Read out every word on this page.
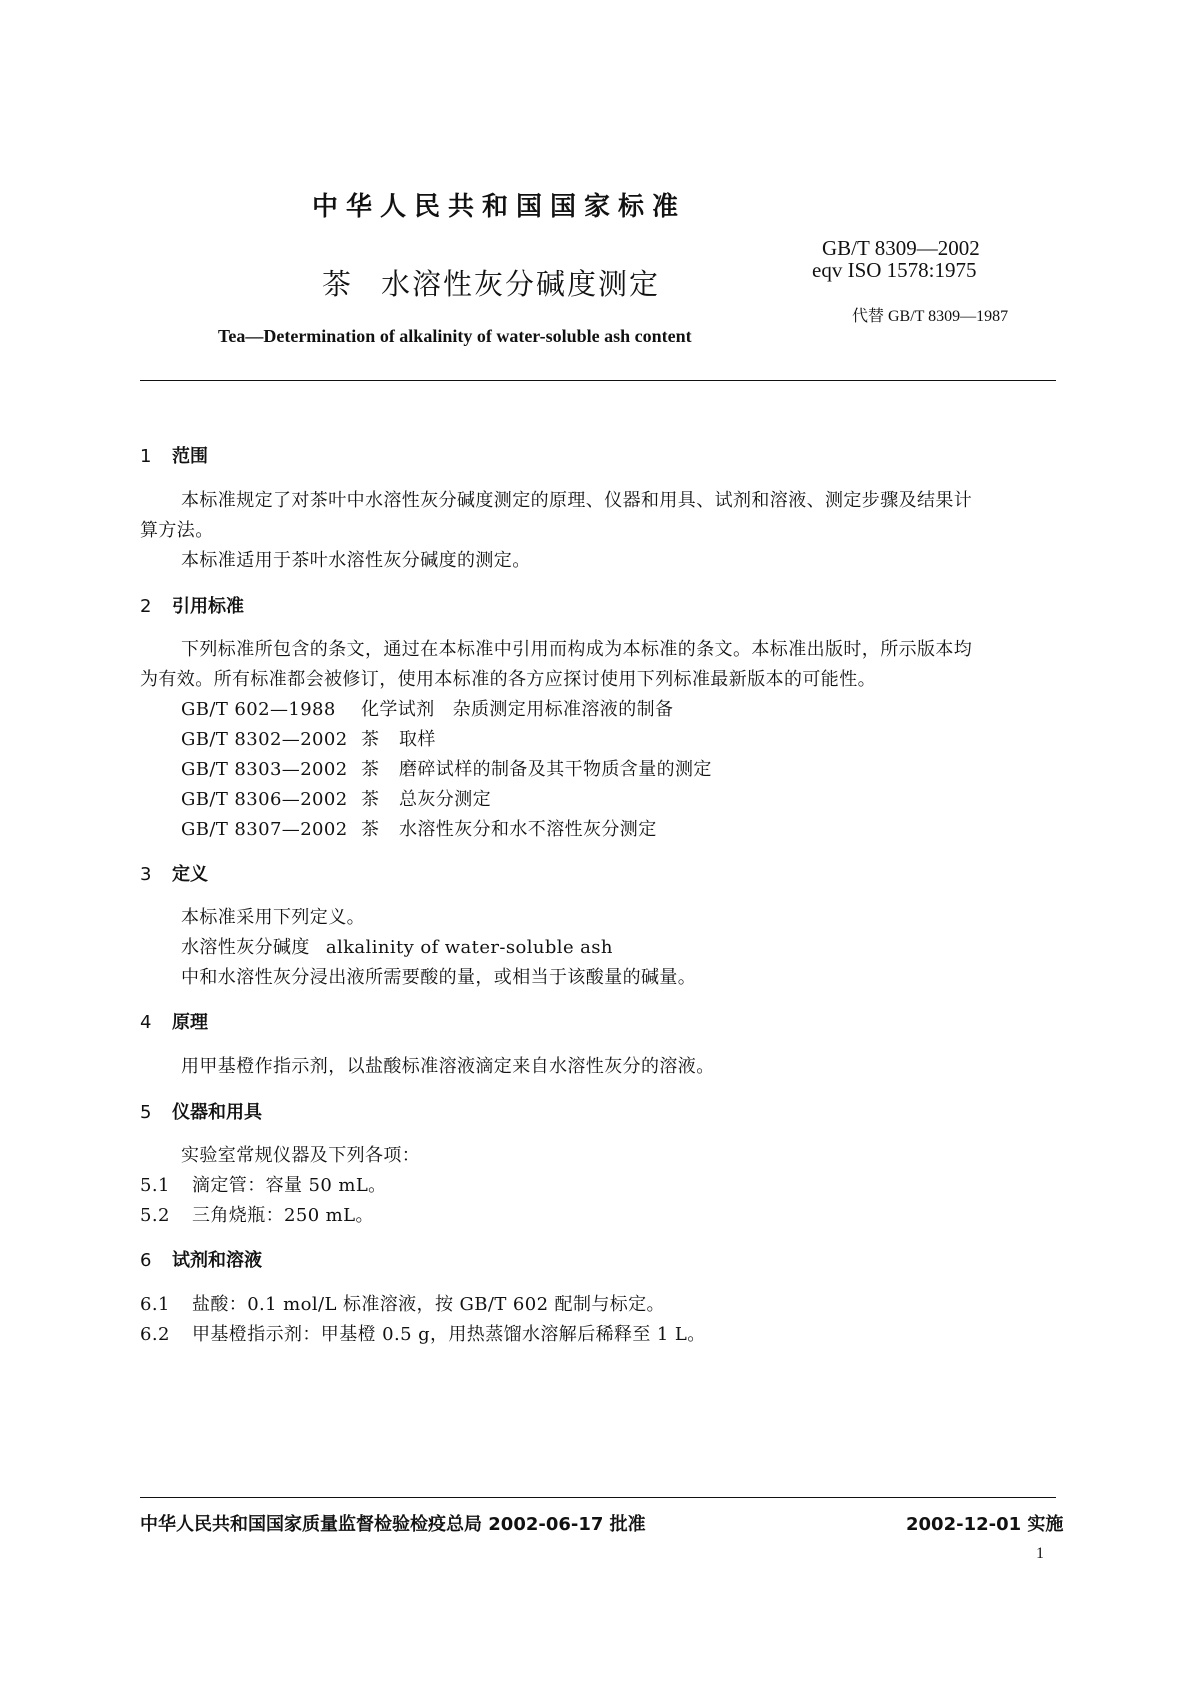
中华人民共和国国家标准
GB/T 8309—2002
eqv ISO 1578:1975
茶 水溶性灰分碱度测定
代替 GB/T 8309—1987
Tea—Determination of alkalinity of water-soluble ash content
1 范围
本标准规定了对茶叶中水溶性灰分碱度测定的原理、仪器和用具、试剂和溶液、测定步骤及结果计
算方法。
本标准适用于茶叶水溶性灰分碱度的测定。
2 引用标准
下列标准所包含的条文，通过在本标准中引用而构成为本标准的条文。本标准出版时，所示版本均
为有效。所有标准都会被修订，使用本标准的各方应探讨使用下列标准最新版本的可能性。
GB/T 602—1988 化学试剂 杂质测定用标准溶液的制备
GB/T 8302—2002 茶 取样
GB/T 8303—2002 茶 磨碎试样的制备及其干物质含量的测定
GB/T 8306—2002 茶 总灰分测定
GB/T 8307—2002 茶 水溶性灰分和水不溶性灰分测定
3 定义
本标准采用下列定义。
水溶性灰分碱度 alkalinity of water-soluble ash
中和水溶性灰分浸出液所需要酸的量，或相当于该酸量的碱量。
4 原理
用甲基橙作指示剂，以盐酸标准溶液滴定来自水溶性灰分的溶液。
5 仪器和用具
实验室常规仪器及下列各项：
5.1 滴定管：容量 50 mL。
5.2 三角烧瓶：250 mL。
6 试剂和溶液
6.1 盐酸：0.1 mol/L 标准溶液，按 GB/T 602 配制与标定。
6.2 甲基橙指示剂：甲基橙 0.5 g，用热蒸馏水溶解后稀释至 1 L。
中华人民共和国国家质量监督检验检疫总局 2002-06-17 批准	2002-12-01 实施
1
